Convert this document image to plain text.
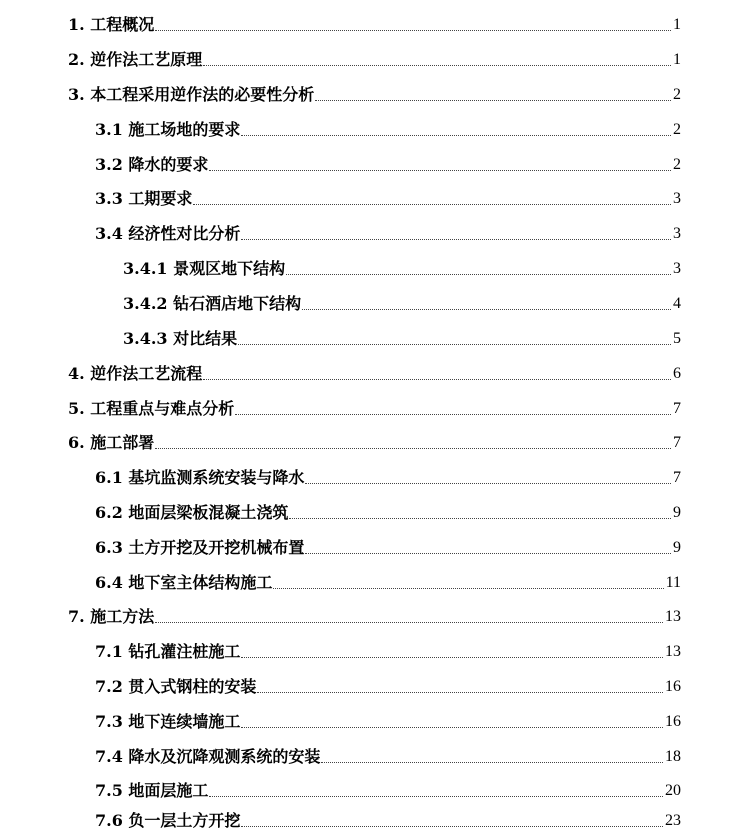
1. 工程概况	1
2. 逆作法工艺原理	1
3. 本工程采用逆作法的必要性分析	2
3.1 施工场地的要求	2
3.2 降水的要求	2
3.3 工期要求	3
3.4 经济性对比分析	3
3.4.1 景观区地下结构	3
3.4.2 钻石酒店地下结构	4
3.4.3 对比结果	5
4. 逆作法工艺流程	6
5. 工程重点与难点分析	7
6. 施工部署	7
6.1 基坑监测系统安装与降水	7
6.2 地面层梁板混凝土浇筑	9
6.3 土方开挖及开挖机械布置	9
6.4 地下室主体结构施工	11
7. 施工方法	13
7.1 钻孔灌注桩施工	13
7.2 贯入式钢柱的安装	16
7.3 地下连续墙施工	16
7.4 降水及沉降观测系统的安装	18
7.5 地面层施工	20
7.6 负一层土方开挖	23
